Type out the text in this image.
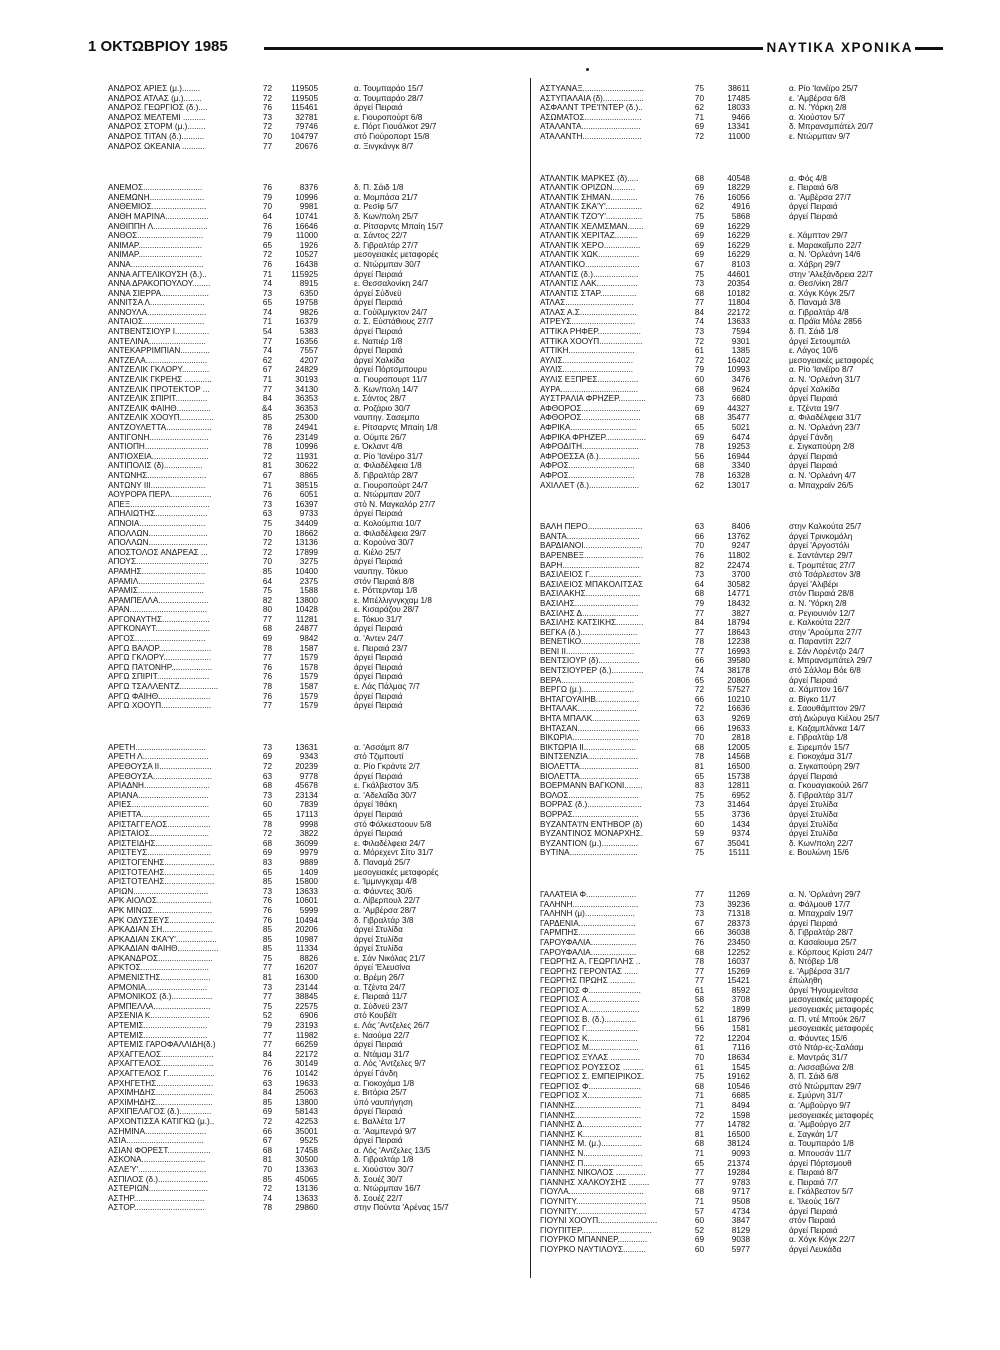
1 ΟΚΤΩΒΡΙΟΥ 1985	ΝΑΥΤΙΚΑ ΧΡΟΝΙΚΑ
ΑΝΔΡΟΣ ΑΡΙΕΣ (μ.)........	72	119505	α. Τουμπαράο 15/7
ΑΝΔΡΟΣ ΑΤΛΑΣ (μ.)........	72	119505	α. Τουμπαράο 28/7
ΑΝΔΡΟΣ ΓΕΩΡΓΙΟΣ (δ.)....	76	115461	άργεί Πειραιά
ΑΝΔΡΟΣ ΜΕΛΤΕΜΙ ..........	73	32781	ε. Γιουροπούρτ 6/8
ΑΝΔΡΟΣ ΣΤΟΡΜ (μ.)........	72	79746	ε. Πόρτ Γιουάλκοτ 29/7
ΑΝΔΡΟΣ ΤΙΤΑΝ (δ.)..........	70	104797	στό Γιούροπορτ 15/8
ΑΝΔΡΟΣ ΩΚΕΑΝΙΑ ..........	77	20676	α. Ξινγκάνγκ 8/7
ΑΝΕΜΟΣ..........................	76	8376	δ. Π. Σάιδ 1/8
ΑΝΕΜΩΝΗ........................	79	10996	α. Μομπάσα 21/7
ΑΝΘΕΜΙΟΣ........................	70	9981	α. Ρεσίφ 5/7
ΑΝΘΗ ΜΑΡΙΝΑ...................	64	10741	δ. Κων/πολη 25/7
ΑΝΘΙΠΠΗ Λ........................	76	16646	α. Ρίτσαρντς Μπαίη 15/7
ΑΝΘΟΣ.............................	79	11000	α. Σάντος 22/7
ΑΝΙΜΑΡ............................	65	1926	δ. Γιβραλτάρ 27/7
ΑΝΙΜΑΡ............................	72	10527	μεσογειακές μεταφορές
ΑΝΝΑ................................	76	16438	α. Ντώρμπαν 30/7
ΑΝΝΑ ΑΓΓΕΛΙΚΟΥΣΗ (δ.)..	71	115925	άργεί Πειραιά
ΑΝΝΑ ΔΡΑΚΟΠΟΥΛΟΥ........	74	8915	ε. Θεσσαλονίκη 24/7
ΑΝΝΑ ΣΙΕΡΡΑ.....................	73	6350	άργεί Σύδνεϋ
ΑΝΝΙΤΣΑ Λ........................	65	19758	άργεί Πειραιά
ΑΝΝΟΥΛΑ..........................	74	9826	α. Γούϊλμιγκτον 24/7
ΑΝΤΑΙΟΣ...........................	71	16379	α. Σ. Εύστάθιους 27/7
ΑΝΤΒΕΝΤΣΙΟΥΡ Ι...............	54	5383	άργεί Πειραιά
ΑΝΤΕΛΙΝΑ.........................	77	16356	ε. Ναπιέρ 1/8
ΑΝΤΕΚΑΡΡΙΜΠΙΑΝ.............	74	7557	άργεί Πειραιά
ΑΝΤΖΕΛΑ...........................	62	4207	άργεί Χαλκίδα
ΑΝΤΖΕΛΙΚ ΓΚΛΟΡΥ............	67	24829	άργεί Πόρτσμπουρυ
ΑΝΤΖΕΛΙΚ ΓΚΡΕΗΣ ............	71	30193	α. Γιουροπουρτ 11/7
ΑΝΤΖΕΛΙΚ ΠΡΟΤΕΚΤΟΡ ...	77	34130	δ. Κων/πολη 14/7
ΑΝΤΖΕΛΙΚ ΣΠΙΡΙΤ..............	84	36353	ε. Σάντος 28/7
ΑΝΤΖΕΛΙΚ ΦΑΙΗΘ...............	&4	36353	α. Ροζάριο 30/7
ΑΝΤΖΕΛΙΚ ΧΟΟΥΠ...............	85	25300	ναυπηγ. Σασεμπο
ΑΝΤΖΟΥΛΕΤΤΑ....................	78	24941	ε. Ρίτσαρντς Μπαίη 1/8
ΑΝΤΙΓΟΝΗ..........................	76	23149	α. Ούμπε 26/7
ΑΝΤΙΟΠΗ............................	78	10996	ε. Όκλαντ 4/8
ΑΝΤΙΟΧΕΙΑ.........................	72	11931	α. Ρίο 'Ιανέιρο 31/7
ΑΝΤΙΠΟΛΙΣ (δ).................	81	30622	α. Φιλαδέλφεια 1/8
ΑΝΤΩΝΗΣ..........................	67	8865	δ. Γιβραλτάρ 28/7
ΑΝΤΩΝΥ ΙΙΙ........................	71	38515	α. Γιουροπούρτ 24/7
ΑΟΥΡΟΡΑ ΠΕΡΛ..................	76	6051	α. Ντώρμπαν 20/7
ΑΠΕΞ...................................	73	16397	στό Ν. Μαγκαλόρ 27/7
ΑΠΗΛΙΩΤΗΣ.......................	63	9733	άργεί Πειραιά
ΑΠΝΟΙΑ.............................	75	34409	α. Κολούμπια 10/7
ΑΠΟΛΛΩΝ..........................	70	18662	α. Φιλαδέλφεια 29/7
ΑΠΟΛΛΩΝ..........................	72	13136	α. Κορούνα 30/7
ΑΠΟΣΤΟΛΟΣ ΑΝΔΡΕΑΣ ...	72	17899	α. Κιέλο 25/7
ΑΠΟΥΣ................................	70	3275	άργεί Πειραιά
ΑΡΑΜΗΣ............................	85	10400	ναυπηγ. Τόκυο
ΑΡΑΜΙΛ.............................	64	2375	στόν Πειραιά 8/8
ΑΡΑΜΙΣ.............................	75	1588	ε. Ρόττερνταμ 1/8
ΑΡΑΜΠΕΛΛΑ......................	82	13800	ε. Μπέλλιγνγκχαμ 1/8
ΑΡΑΝ..................................	80	10428	ε. Κισαράζου 28/7
ΑΡΓΟΝΑΥΤΗΣ.....................	77	11281	ε. Τόκυο 31/7
ΑΡΓΚΟΝΑΥΤ........................	68	24877	άργεί Πειραιά
ΑΡΓΟΣ...............................	69	9842	α. 'Αντεν 24/7
ΑΡΓΩ ΒΑΛΟΡ.......................	78	1587	ε. Πειραιά 23/7
ΑΡΓΩ ΓΚΛΟΡΥ.....................	77	1579	άργεί Πειραιά
ΑΡΓΩ ΠΑ'Ι'ΟΝΗΡ..................	76	1578	άργεί Πειραιά
ΑΡΓΩ ΣΠΙΡΙΤ.......................	76	1579	άργεί Πειραιά
ΑΡΓΩ ΤΣΑΛΛΕΝΤΖ.................	78	1587	ε. Λάς Πάλμας 7/7
ΑΡΓΩ ΦΑΙΗΘ.......................	76	1579	άργεί Πειραιά
ΑΡΓΩ ΧΟΟΥΠ......................	77	1579	άργεί Πειραιά
ΑΡΕΤΗ...............................	73	13631	α. 'Ασσάμπ 8/7
ΑΡΕΤΗ Λ.............................	69	9343	στό Τζιμπουτί
ΑΡΕΘΟΥΣΑ ΙΙ.......................	72	20239	α. Ρίο Γκράντε 2/7
ΑΡΕΘΟΥΣΑ..........................	63	9778	άργεί Πειραιά
ΑΡΙΑΔΝΗ.............................	68	45678	ε. Γκάλβεστον 3/5
ΑΡΙΑΝΑ...............................	73	23134	α. 'Αδελαΐδα 30/7
ΑΡΙΕΣ..................................	60	7839	άργεί 'Ιθάκη
ΑΡΙΕΤΤΑ..............................	65	17113	άργεί Πειραιά
ΑΡΙΣΤΑΓΓΕΛΟΣ...................	78	9998	στό Φόλκεστοουν 5/8
ΑΡΙΣΤΑΙΟΣ..........................	72	3822	άργεί Πειραιά
ΑΡΙΣΤΕΙΔΗΣ.........................	68	36099	ε. Φιλαδέλφεια 24/7
ΑΡΙΣΤΕΥΣ............................	69	9979	α. Μόρεχεντ Σίτυ 31/7
ΑΡΙΣΤΟΓΕΝΗΣ......................	83	9889	δ. Παναμά 25/7
ΑΡΙΣΤΟΤΕΛΗΣ......................	65	1409	μεσογειακές μεταφορές
ΑΡΙΣΤΟΤΕΛΗΣ......................	85	15800	ε. 'Ιμμινγκχαμ 4/8
ΑΡΙΩΝ.................................	73	13633	α. Φάυντες 30/6
ΑΡΚ ΑΙΟΛΟΣ........................	76	10601	α. Λίβερπουλ 22/7
ΑΡΚ ΜΙΝΩΣ..........................	76	5999	α. 'Αμβέρσα 28/7
ΑΡΚ ΟΔΥΣΣΕΥΣ....................	76	10494	δ. Γιβραλτάρ 3/8
ΑΡΚΑΔΙΑΝ ΣΗ......................	85	20206	άργεί Στυλίδα
ΑΡΚΑΔΙΑΝ ΣΚΑ'Υ'..................	85	10987	άργεί Στυλίδα
ΑΡΚΑΔΙΑΝ ΦΑΙΗΘ..................	85	11334	άργεί Στυλίδα
ΑΡΚΑΝΔΡΟΣ........................	75	8826	ε. Σάν Νικόλας 21/7
ΑΡΚΤΟΣ..............................	77	16207	άργεί 'Ελευσίνα
ΑΡΜΕΝΙΣΤΗΣ......................	81	16300	α. Βρέμη 26/7
ΑΡΜΟΝΙΑ...........................	73	23144	α. Τζέντα 24/7
ΑΡΜΟΝΙΚΟΣ (δ.)..................	77	38845	ε. Πειραιά 11/7
ΑΡΜΠΕΛΛΑ.........................	75	22575	α. Σύδνεϋ 23/7
ΑΡΣΕΝΙΑ Κ..........................	52	6906	στό Κουβέϊτ
ΑΡΤΕΜΙΣ............................	79	23193	ε. Λάς 'Αντζελες 26/7
ΑΡΤΕΜΙΣ............................	77	11982	ε. Ναούμα 22/7
ΑΡΤΕΜΙΣ ΓΑΡΟΦΑΛΛΙΔΗ(δ.)	77	66259	άργεί Πειραιά
ΑΡΧΑΓΓΕΛΟΣ.......................	84	22172	α. Ντάμαμ 31/7
ΑΡΧΑΓΓΕΛΟΣ.......................	76	30149	α. Λός 'Αντζελες 9/7
ΑΡΧΑΓΓΕΛΟΣ Γ.....................	76	10142	άργεί Γάνδη
ΑΡΧΗΓΕΤΗΣ.........................	63	19633	α. Γιοκοχάμα 1/8
ΑΡΧΙΜΗΔΗΣ.........................	84	25063	ε. Βιτόρια 25/7
ΑΡΧΙΜΗΔΗΣ.........................	85	13800	ύπό ναυπήγηση
ΑΡΧΙΠΕΛΑΓΟΣ (δ.)..............	69	58143	άργεί Πειραιά
ΑΡΧΟΝΤΙΣΣΑ ΚΑΤΙΓΚΩ (μ.)..	72	42253	ε. Βαλλέτα 1/7
ΑΣΗΜΙΝΑ...........................	66	35001	α. 'Ααμπενρά 9/7
ΑΣΙΑ..................................	67	9525	άργεί Πειραιά
ΑΣΙΑΝ ΦΟΡΕΣΤ...................	68	17458	α. Λός 'Αντζελες 13/5
ΑΣΚΟΝΑ............................	81	30500	δ. Γιβραλτάρ 1/8
ΑΣΛΕ'Υ'..............................	70	13363	ε. Χιούστον 30/7
ΑΣΠΙΛΟΣ (δ.)......................	85	45065	δ. Σουέζ 30/7
ΑΣΤΕΡΙΩΝ..........................	72	13136	α. Ντώρμπαν 16/7
ΑΣΤΗΡ...............................	74	13633	δ. Σουέζ 22/7
ΑΣΤΟΡ...............................	78	29860	στην Πούντα 'Αρένας 15/7
ΑΣΤΥΑΝΑΞ...........................	75	38611	α. Ρίο 'Ιανέϊρο 25/7
ΑΣΤΥΠΑΛΑΙΑ (δ)..................	70	17485	ε. 'Αμβέρσα 6/8
ΑΣΦΑΛΝΤ ΤΡΕ'Ι'ΝΤΕΡ (δ.)..	62	18033	α. Ν. 'Υόρκη 2/8
ΑΣΩΜΑΤΟΣ.........................	71	9466	α. Χιούστον 5/7
ΑΤΑΛΑΝΤΑ..........................	69	13341	δ. Μπρανσμπάτελ 20/7
ΑΤΑΛΑΝΤΗ..........................	72	11000	ε. Ντώρμπαν 9/7
ΑΤΛΑΝΤΙΚ ΜΑΡΚΕΣ (δ).....	68	40548	α. Φός 4/8
ΑΤΛΑΝΤΙΚ ΟΡΙΖΩΝ..........	69	18229	ε. Πειραιά 6/8
ΑΤΛΑΝΤΙΚ ΣΗΜΑΝ............	76	16056	α. 'Αμβέρσα 27/7
ΑΤΛΑΝΤΙΚ ΣΚΑ'Υ'................	62	4916	άργεί Πειραιά
ΑΤΛΑΝΤΙΚ ΤΖΟ'Υ'................	75	5868	άργεί Πειραιά
ΑΤΛΑΝΤΙΚ ΧΕΛΜΣΜΑΝ.......	69	16229
ΑΤΛΑΝΤΙΚ ΧΕΡΙΤΑΖ..........	69	16229	ε. Χάμπτον 29/7
ΑΤΛΑΝΤΙΚ ΧΕΡΟ................	69	16229	ε. Μαρακαΐμπο 22/7
ΑΤΛΑΝΤΙΚ ΧΩΚ..................	69	16229	α. Ν. 'Ορλεάνη 14/6
ΑΤΛΑΝΤΙΚΟ........................	67	8103	α. Χάβρη 29/7
ΑΤΛΑΝΤΙΣ (δ.)....................	75	44601	στην 'Αλεξάνδρεια 22/7
ΑΤΛΑΝΤΙΣ ΛΑΚ..................	73	20354	α. Θεσ/νίκη 28/7
ΑΤΛΑΝΤΙΣ ΣΤΑΡ................	68	10182	α. Χόγκ Κόγκ 25/7
ΑΤΛΑΣ..............................	77	11804	δ. Παναμά 3/8
ΑΤΛΑΣ Α.Σ.........................	84	22172	α. Γιβραλτάρ 4/8
ΑΤΡΕΥΣ............................	74	13633	α. Πράϊα Μόλε 2856
ΑΤΤΙΚΑ ΡΗΦΕΡ...................	73	7594	δ. Π. Σάιδ 1/8
ΑΤΤΙΚΑ ΧΟΟΥΠ...................	72	9301	άργεί Σετουμπάλ
ΑΤΤΙΚΗ.............................	61	1385	ε. Λάγος 10/6
ΑΥΛΙΣ...............................	72	16402	μεσογειακές μεταφορές
ΑΥΛΙΣ...............................	79	10993	α. Ρίο 'Ιανέϊρο 8/7
ΑΥΛΙΣ ΕΞΠΡΕΣ..................	60	3476	α. Ν. 'Ορλεάνη 31/7
ΑΥΡΑ..................................	68	9624	άργεί Χαλκίδα
ΑΥΣΤΡΑΛΙΑ ΦΡΗΖΕΡ............	73	6680	άργεί Πειραιά
ΑΦΘΟΡΟΣ..........................	69	44327	ε. Τζέντα 19/7
ΑΦΘΟΡΟΣ..........................	68	35477	α. Φιλαδέλφεια 31/7
ΑΦΡΙΚΑ.............................	65	5021	α. Ν. 'Ορλεάνη 23/7
ΑΦΡΙΚΑ ΦΡΗΖΕΡ..................	69	6474	άργεί Γάνδη
ΑΦΡΟΔΙΤΗ.........................	78	19253	ε. Σιγκαπούρη 2/8
ΑΦΡΟΕΣΣΑ (δ.)..................	56	16944	άργεί Πειραιά
ΑΦΡΟΣ.............................	68	3340	άργεί Πειραιά
ΑΦΡΟΣ.............................	78	16328	α. Ν. 'Ορλεάνη 4/7
ΑΧΙΛΛΕΤ (δ.)......................	62	13017	α. Μπαχραϊν 26/5
ΒΑΛΗ ΠΕΡΟ........................	63	8406	στην Καλκούτα 25/7
ΒΑΝΤΑ................................	66	13762	άργεί Τρινκομάλη
ΒΑΡΔΙΑΝΟΙ..........................	70	9247	άργεί 'Αργοστόλι
ΒΑΡΕΝΒΕΞ..........................	76	11802	ε. Σαντάντερ 29/7
ΒΑΡΗ..................................	82	22474	ε. Τρομπέτας 27/7
ΒΑΣΙΛΕΙΟΣ Γ.......................	73	3700	στό Τσάρλεστον 3/8
ΒΑΣΙΛΕΙΟΣ ΜΠΑΚΟΛΙΤΣΑΣ	64	30582	άργεί 'Αλιβέρι
ΒΑΣΙΛΑΚΗΣ........................	68	14771	στόν Πειραιά 28/8
ΒΑΣΙΛΗΣ............................	79	18432	α. Ν. 'Υόρκη 2/8
ΒΑΣΙΛΗΣ Δ.........................	77	3827	α. Ρεγιουνιόν 12/7
ΒΑΣΙΛΗΣ ΚΑΤΣΙΚΗΣ............	84	18794	ε. Καλκούτα 22/7
ΒΕΓΚΑ (δ.).........................	77	18643	στην 'Αρούμπα 27/7
ΒΕΝΕΤΙΚΟ..........................	78	12238	α. Παραντίπ 22/7
ΒΕΝΙ ΙΙ..............................	77	16993	ε. Σάν Λορέντζο 24/7
ΒΕΝΤΣΙΟΥΡ (δ)..................	66	39580	ε. Μπρανσμπάτελ 29/7
ΒΕΝΤΣΙΟΥΡΕΡ (δ.)..............	74	38178	στό Σάλλομ Βόε 6/8
ΒΕΡΑ................................	65	20806	άργεί Πειραιά
ΒΕΡΓΩ (μ.).......................	72	57527	α. Χάμπτον 16/7
ΒΗΤΑΓΟΥΑΙΗΒ...................	66	10210	α. Βίγκο 11/7
ΒΗΤΑΛΑΚ..........................	72	16636	ε. Σαουθάμπτον 29/7
ΒΗΤΑ ΜΠΑΛΚ.....................	63	9269	στή Διώρυγα Κιέλου 25/7
ΒΗΤΑΣΑΝ...........................	66	19633	ε. Καζαμπλάνκα 14/7
ΒΙΚΩΡΙΑ.............................	70	2818	ε. Γιβραλτάρ 1/8
ΒΙΚΤΩΡΙΑ ΙΙ.......................	68	12005	ε. Σιρεμπόν 15/7
ΒΙΝΤΣΕΝΖΙΑ......................	78	14568	ε. Γιοκοχάμα 31/7
ΒΙΟΛΕΤΤΑ..........................	81	16500	α. Σιγκαπούρη 29/7
ΒΙΟΛΕΤΤΑ..........................	65	15738	άργεί Πειραιά
ΒΟΕΡΜΑΝΝ ΒΑΓΚΟΝΙ........	83	12811	α. Γκουαγιακούιλ 26/7
ΒΟΛΟΣ...............................	75	6952	δ. Γιβραλτάρ 31/7
ΒΟΡΡΑΣ (δ.)........................	73	31464	άργεί Στυλίδα
ΒΟΡΡΑΣ.............................	55	3736	άργεί Στυλίδα
ΒΥΖΑΝΤΑ'Ι'Ν ΕΝΤΗΒΟΡ (δ)	60	1434	άργεί Στυλίδα
ΒΥΖΑΝΤΙΝΟΣ ΜΟΝΑΡΧΗΣ.	59	9374	άργεί Στυλίδα
ΒΥΖΑΝΤΙΟΝ (μ.)................	67	35041	δ. Κων/πολη 22/7
ΒΥΤΙΝΑ..............................	75	15111	ε. Βουλώνη 15/6
ΓΑΛΑΤΕΙΑ Φ......................	77	11269	α. Ν. 'Ορλεάνη 29/7
ΓΑΛΗΝΗ.............................	73	39236	α. Φάλμουθ 17/7
ΓΑΛΗΝΗ (μ)......................	73	71318	α. Μπαχραϊν 19/7
ΓΑΡΔΕΝΙΑ.........................	67	28373	άργεί Πειραιά
ΓΑΡΜΠΗΣ.........................	66	36038	δ. Γιβραλτάρ 28/7
ΓΑΡΟΥΦΑΛΙΑ....................	76	23450	α. Κασαϊουμα 25/7
ΓΑΡΟΥΦΑΛΙΑ....................	68	12252	ε. Κόρπους Κρίστι 24/7
ΓΕΩΡΓΗΣ Α. ΓΕΩΡΓΙΛΗΣ ..	78	16037	δ. Ντόβερ 1/8
ΓΕΩΡΓΗΣ ΓΕΡΟΝΤΑΣ ......	77	15269	ε. 'Αμβέρσα 31/7
ΓΕΩΡΓΗΣ ΠΡΩΗΣ ...........	77	15421	έπώληθη
ΓΕΩΡΓΙΟΣ Φ.......................	61	8592	άργεί 'Ηγουμενίτσα
ΓΕΩΡΓΙΟΣ Α.......................	58	3708	μεσογειακές μεταφορές
ΓΕΩΡΓΙΟΣ Α.......................	52	1899	μεσογειακές μεταφορές
ΓΕΩΡΓΙΟΣ Β. (δ.)..............	61	18796	α. Π. ντέ Μπούκ 26/7
ΓΕΩΡΓΙΟΣ Γ.......................	56	1581	μεσογειακές μεταφορές
ΓΕΩΡΓΙΟΣ Κ......................	72	12204	α. Φάυντες 15/6
ΓΕΩΡΓΙΟΣ Μ......................	61	7116	στό Ντάρ-ες-Σαλάαμ
ΓΕΩΡΓΙΟΣ ΞΥΛΑΣ .............	70	18634	ε. Μαντράς 31/7
ΓΕΩΡΓΙΟΣ ΡΟΥΣΣΟΣ .........	61	1545	α. Λισσαβώνα 2/8
ΓΕΩΡΓΙΟΣ Σ. ΕΜΠΕΙΡΙΚΟΣ.	75	19162	δ. Π. Σάιδ 6/8
ΓΕΩΡΓΙΟΣ Φ.......................	68	10546	στό Ντώρμπαν 29/7
ΓΕΩΡΓΙΟΣ Χ........................	71	6685	ε. Σμύρνη 31/7
ΓΙΑΝΝΗΣ.............................	71	8494	α. 'Αμβούργο 9/7
ΓΙΑΝΝΗΣ.............................	72	1598	μεσογειακές μεταφορές
ΓΙΑΝΝΗΣ Δ..........................	77	14782	α. 'Αμβούργο 2/7
ΓΙΑΝΝΗΣ Κ..........................	81	16500	ε. Σαγκάη 1/7
ΓΙΑΝΝΗΣ Μ. (μ.)..................	68	38124	α. Τουμπαράο 1/8
ΓΙΑΝΝΗΣ Ν..........................	71	9093	α. Μπουσάν 11/7
ΓΙΑΝΝΗΣ Π..........................	65	21374	άργεί Πόρτσμουθ
ΓΙΑΝΝΗΣ ΝΙΚΟΛΟΣ .............	77	19284	ε. Πειραιά 8/7
ΓΙΑΝΝΗΣ ΧΑΛΚΟΥΣΗΣ .........	77	9783	ε. Πειραιά 7/7
ΓΙΟΥΛΑ.................................	68	9717	ε. Γκάλβεστον 5/7
ΓΙΟΥΝΙΤΥ...............................	71	9508	ε. 'Ιλεούς 16/7
ΓΙΟΥΝΙΤΥ...............................	57	4734	άργεί Πειραιά
ΓΙΟΥΝΙ ΧΟΟΥΠ..........................	60	3847	στόν Πειραιά
ΓΙΟΥΠΙΤΕΡ...............................	52	8129	άργεί Πειραιά
ΓΙΟΥΡΚΟ ΜΠΑΝΝΕΡ.............	69	9038	α. Χόγκ Κόγκ 22/7
ΓΙΟΥΡΚΟ ΝΑΥΤΙΛΟΥΣ..........	60	5977	άργεί Λευκάδα
